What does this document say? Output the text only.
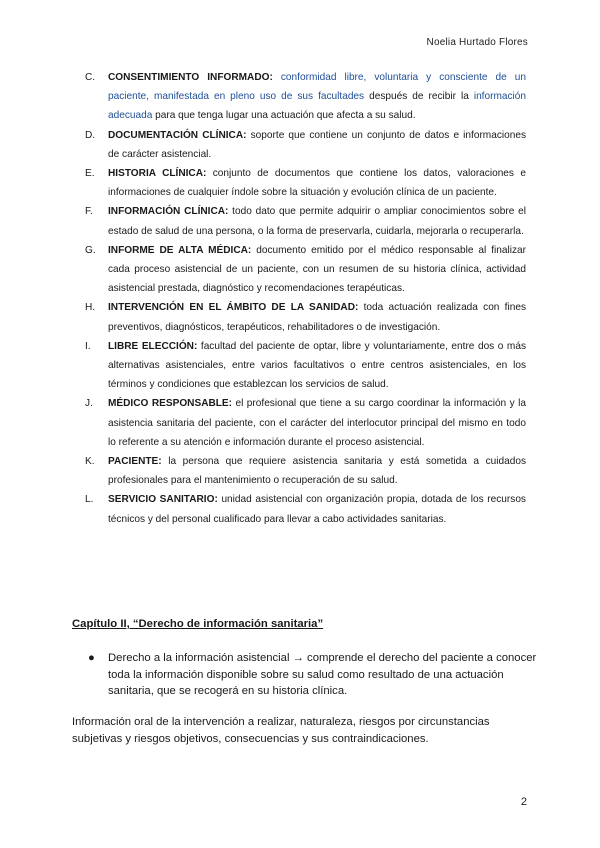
Noelia Hurtado Flores
C. CONSENTIMIENTO INFORMADO: conformidad libre, voluntaria y consciente de un paciente, manifestada en pleno uso de sus facultades después de recibir la información adecuada para que tenga lugar una actuación que afecta a su salud.
D. DOCUMENTACIÓN CLÍNICA: soporte que contiene un conjunto de datos e informaciones de carácter asistencial.
E. HISTORIA CLÍNICA: conjunto de documentos que contiene los datos, valoraciones e informaciones de cualquier índole sobre la situación y evolución clínica de un paciente.
F. INFORMACIÓN CLÍNICA: todo dato que permite adquirir o ampliar conocimientos sobre el estado de salud de una persona, o la forma de preservarla, cuidarla, mejorarla o recuperarla.
G. INFORME DE ALTA MÉDICA: documento emitido por el médico responsable al finalizar cada proceso asistencial de un paciente, con un resumen de su historia clínica, actividad asistencial prestada, diagnóstico y recomendaciones terapéuticas.
H. INTERVENCIÓN EN EL ÁMBITO DE LA SANIDAD: toda actuación realizada con fines preventivos, diagnósticos, terapéuticos, rehabilitadores o de investigación.
I. LIBRE ELECCIÓN: facultad del paciente de optar, libre y voluntariamente, entre dos o más alternativas asistenciales, entre varios facultativos o entre centros asistenciales, en los términos y condiciones que establezcan los servicios de salud.
J. MÉDICO RESPONSABLE: el profesional que tiene a su cargo coordinar la información y la asistencia sanitaria del paciente, con el carácter del interlocutor principal del mismo en todo lo referente a su atención e información durante el proceso asistencial.
K. PACIENTE: la persona que requiere asistencia sanitaria y está sometida a cuidados profesionales para el mantenimiento o recuperación de su salud.
L. SERVICIO SANITARIO: unidad asistencial con organización propia, dotada de los recursos técnicos y del personal cualificado para llevar a cabo actividades sanitarias.
Capítulo II, “Derecho de información sanitaria”
● Derecho a la información asistencial → comprende el derecho del paciente a conocer toda la información disponible sobre su salud como resultado de una actuación sanitaria, que se recogerá en su historia clínica.
Información oral de la intervención a realizar, naturaleza, riesgos por circunstancias subjetivas y riesgos objetivos, consecuencias y sus contraindicaciones.
2
